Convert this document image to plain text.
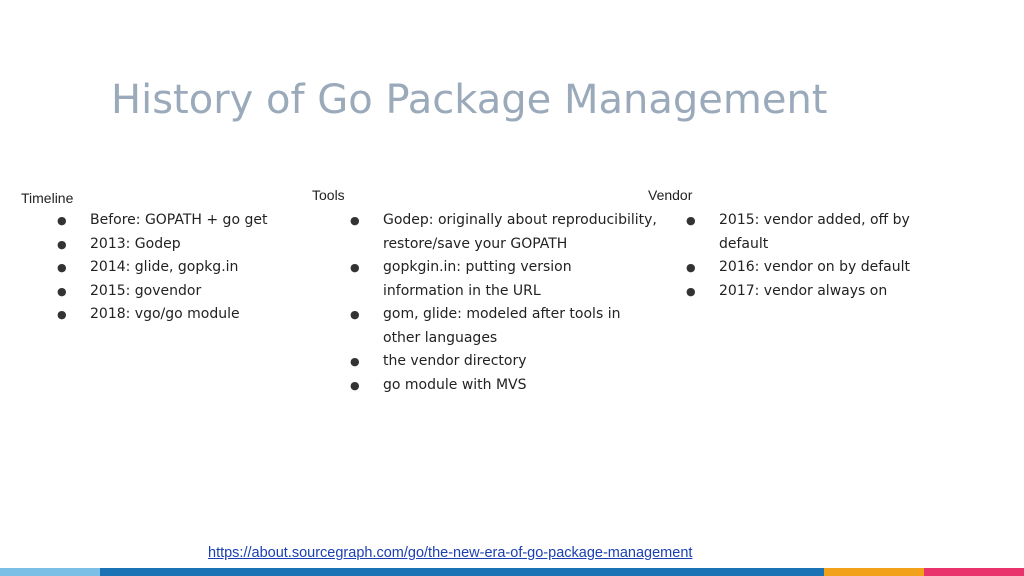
History of Go Package Management
Timeline
● Before: GOPATH + go get
● 2013: Godep
● 2014: glide, gopkg.in
● 2015: govendor
● 2018: vgo/go module
Tools
● Godep: originally about reproducibility, restore/save your GOPATH
● gopkgin.in: putting version information in the URL
● gom, glide: modeled after tools in other languages
● the vendor directory
● go module with MVS
Vendor
● 2015: vendor added, off by default
● 2016: vendor on by default
● 2017: vendor always on
https://about.sourcegraph.com/go/the-new-era-of-go-package-management
